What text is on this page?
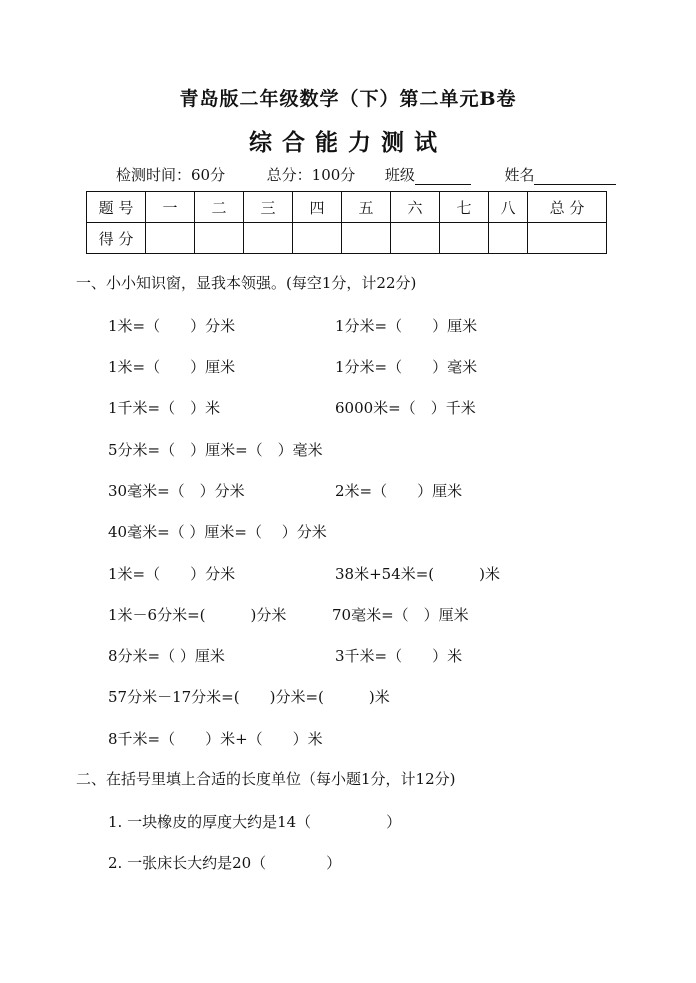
青岛版二年级数学（下）第二单元B卷
综合能力测试
检测时间：60分	总分：100分 班级	姓名
题 号	一	二	三	四	五	六	七	八	总 分
得 分									
一、小小知识窗，显我本领强。(每空1分，计22分)
1米=（　　）分米	1分米=（　　）厘米
1米=（　　）厘米	1分米=（　　）毫米
1千米=（　）米	6000米=（　）千米
5分米=（　）厘米=（　）毫米
30毫米=（　）分米	2米=（　　）厘米
40毫米=（ ）厘米=（　 ）分米
1米=（　　）分米	38米+54米=(　　　)米
1米－6分米=(　　　)分米	70毫米=（　）厘米
8分米=（ ）厘米	3千米=（　　）米
57分米－17分米=(　　)分米=(　　　)米
8千米=（　　）米+（　　）米
二、在括号里填上合适的长度单位（每小题1分，计12分)
1. 一块橡皮的厚度大约是14（　　　　　）
2. 一张床长大约是20（　　　　）
